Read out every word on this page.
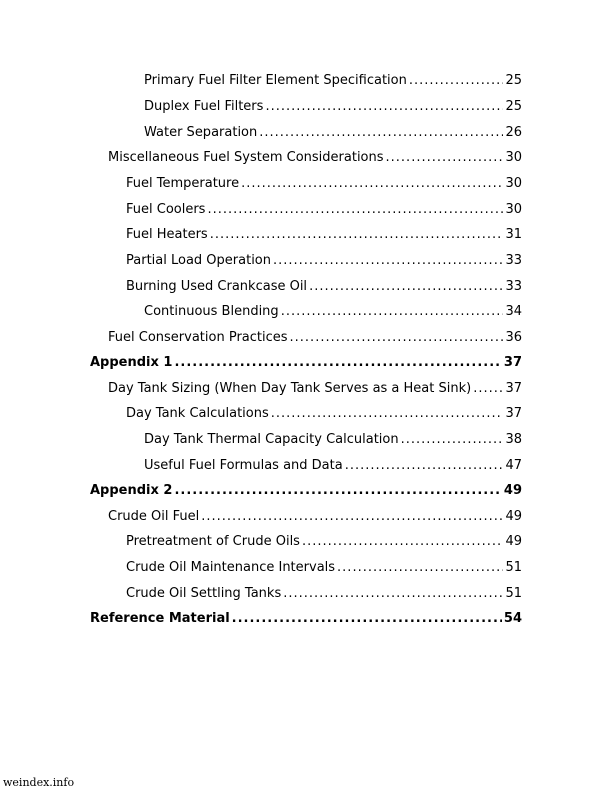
Primary Fuel Filter Element Specification .....	25
Duplex Fuel Filters .....	25
Water Separation .....	26
Miscellaneous Fuel System Considerations .....	30
Fuel Temperature .....	30
Fuel Coolers .....	30
Fuel Heaters .....	31
Partial Load Operation .....	33
Burning Used Crankcase Oil .....	33
Continuous Blending .....	34
Fuel Conservation Practices .....	36
Appendix 1 .....	37
Day Tank Sizing (When Day Tank Serves as a Heat Sink) .....	37
Day Tank Calculations .....	37
Day Tank Thermal Capacity Calculation .....	38
Useful Fuel Formulas and Data .....	47
Appendix 2 .....	49
Crude Oil Fuel .....	49
Pretreatment of Crude Oils .....	49
Crude Oil Maintenance Intervals .....	51
Crude Oil Settling Tanks .....	51
Reference Material .....	54
weindex.info
